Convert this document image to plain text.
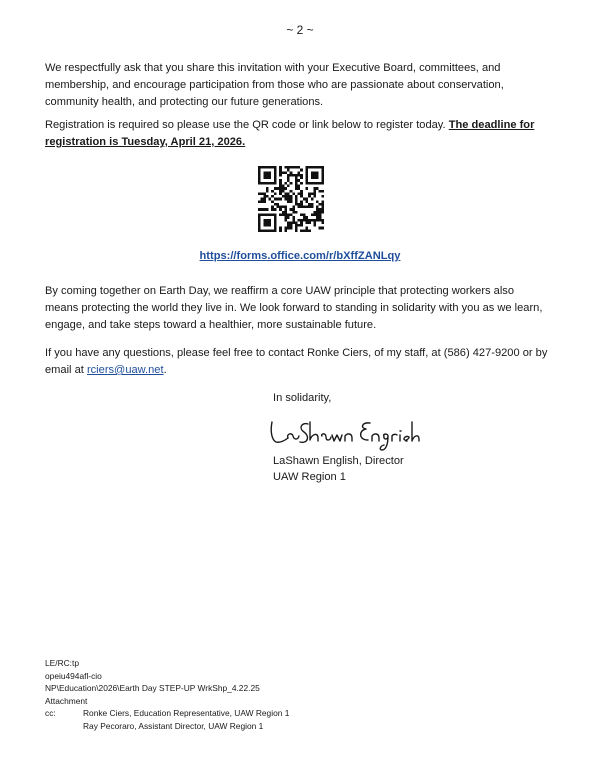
~ 2 ~

We respectfully ask that you share this invitation with your Executive Board, committees, and membership, and encourage participation from those who are passionate about conservation, community health, and protecting our future generations.

Registration is required so please use the QR code or link below to register today. The deadline for registration is Tuesday, April 21, 2026.

https://forms.office.com/r/bXffZANLqy

By coming together on Earth Day, we reaffirm a core UAW principle that protecting workers also means protecting the world they live in. We look forward to standing in solidarity with you as we learn, engage, and take steps toward a healthier, more sustainable future.

If you have any questions, please feel free to contact Ronke Ciers, of my staff, at (586) 427-9200 or by email at rciers@uaw.net.

In solidarity,
LaShawn English, Director
UAW Region 1
LE/RC:tp
opeiu494afl-cio
NP\Education\2026\Earth Day STEP-UP WrkShp_4.22.25
Attachment
cc:	Ronke Ciers, Education Representative, UAW Region 1
Ray Pecoraro, Assistant Director, UAW Region 1
